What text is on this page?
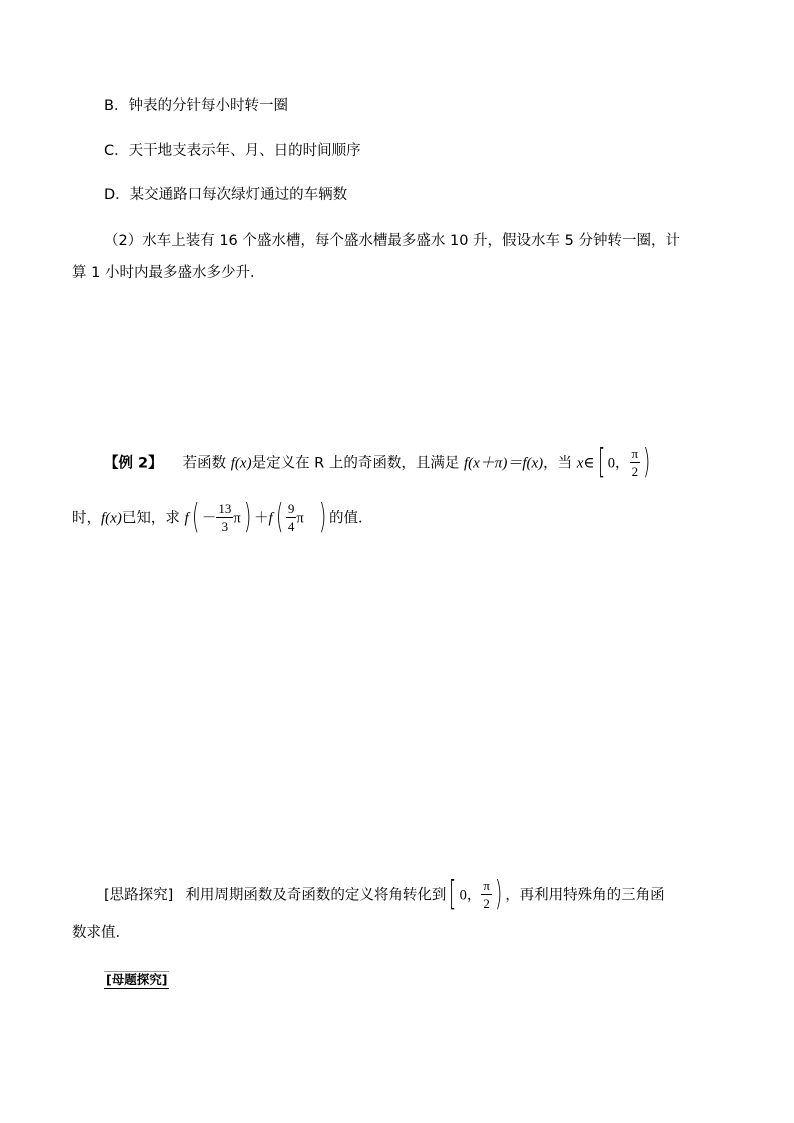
B．钟表的分针每小时转一圈
C．天干地支表示年、月、日的时间顺序
D．某交通路口每次绿灯通过的车辆数
（2）水车上装有 16 个盛水槽，每个盛水槽最多盛水 10 升，假设水车 5 分钟转一圈，计
算 1 小时内最多盛水多少升．
【例 2】 若函数 f(x)是定义在 R 上的奇函数，且满足 f(x＋π)＝f(x)，当 x∈[ 0， $\frac{\pi}{2}$ )
时，f(x)已知，求 $f( - \frac{13}{3} \pi) +f( \frac{9}{4}$ π ) 的值．
[思路探究] 利用周期函数及奇函数的定义将角转化到[ 0， $\frac{\pi}{2}$ ) ，再利用特殊角的三角函
数求值．
[母题探究]
